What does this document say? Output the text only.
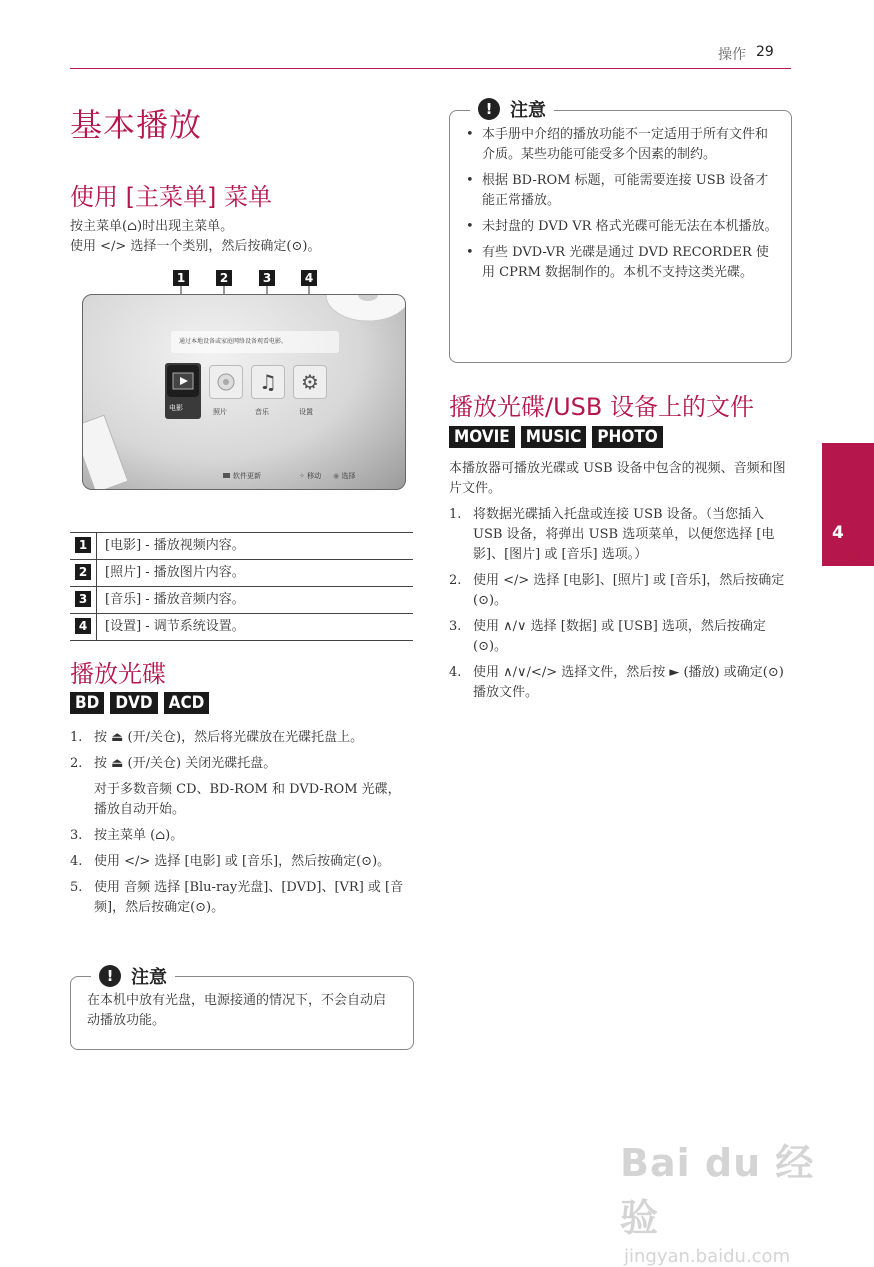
操作 29
4
操作
基本播放
使用 [主菜单] 菜单
按主菜单(⌂)时出现主菜单。
使用 </> 选择一个类别，然后按确定(⊙)。
1	2	3	4
通过本地设备或家庭网络设备观看电影。
电影	照片
♫
音乐
⚙
设置
软件更新	✧ 移动 ◉ 选择
1	[电影] - 播放视频内容。
2	[照片] - 播放图片内容。
3	[音乐] - 播放音频内容。
4	[设置] - 调节系统设置。
播放光碟
BD DVD ACD
1. 按 ⏏ (开/关仓)，然后将光碟放在光碟托盘上。
2. 按 ⏏ (开/关仓) 关闭光碟托盘。
对于多数音频 CD、BD-ROM 和 DVD-ROM 光碟，播放自动开始。
3. 按主菜单 (⌂)。
4. 使用 </> 选择 [电影] 或 [音乐]，然后按确定(⊙)。
5. 使用 音频 选择 [Blu-ray光盘]、[DVD]、[VR] 或 [音频]，然后按确定(⊙)。
! 注意
在本机中放有光盘，电源接通的情况下，不会自动启动播放功能。
! 注意
• 本手册中介绍的播放功能不一定适用于所有文件和介质。某些功能可能受多个因素的制约。
• 根据 BD-ROM 标题，可能需要连接 USB 设备才能正常播放。
• 未封盘的 DVD VR 格式光碟可能无法在本机播放。
• 有些 DVD-VR 光碟是通过 DVD RECORDER 使用 CPRM 数据制作的。本机不支持这类光碟。
播放光碟/USB 设备上的文件
MOVIE MUSIC PHOTO
本播放器可播放光碟或 USB 设备中包含的视频、音频和图片文件。
1. 将数据光碟插入托盘或连接 USB 设备。（当您插入 USB 设备，将弹出 USB 选项菜单，以便您选择 [电影]、[图片] 或 [音乐] 选项。）
2. 使用 </> 选择 [电影]、[照片] 或 [音乐]，然后按确定(⊙)。
3. 使用 ∧/∨ 选择 [数据] 或 [USB] 选项，然后按确定(⊙)。
4. 使用 ∧/∨/</> 选择文件，然后按 ► (播放) 或确定(⊙) 播放文件。
Bai du 经验
jingyan.baidu.com
